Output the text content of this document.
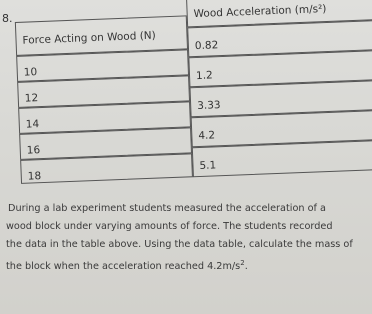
8.
Force Acting on Wood (N)
Wood Acceleration (m/s²)
10
0.82
12
1.2
14
3.33
16
4.2
18
5.1
During a lab experiment students measured the acceleration of a
wood block under varying amounts of force. The students recorded
the data in the table above. Using the data table, calculate the mass of
the block when the acceleration reached $4.2m/s^2$.
